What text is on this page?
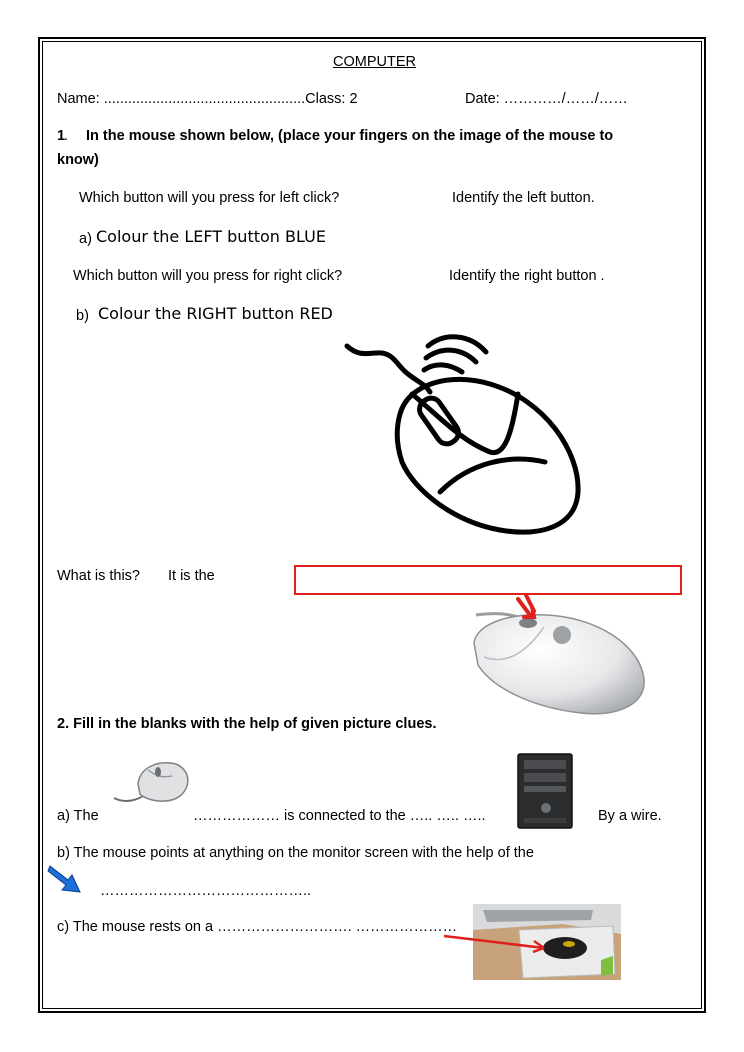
COMPUTER
Name: ..................................................Class: 2	Date: …………/……/……
1
. In the mouse shown below, (place your fingers on the image of the mouse to
know)
Which button will you press for left click?	Identify the left button.
a) Colour the LEFT button BLUE
Which button will you press for right click?	Identify the right button .
b) Colour the RIGHT button RED
What is this? It is the
2. Fill in the blanks with the help of given picture clues.
a) The	……………… is connected to the ….. ….. …..	By a wire.
b) The mouse points at anything on the monitor screen with the help of the
……………………………………..
c) The mouse rests on a ………………………. …………………
